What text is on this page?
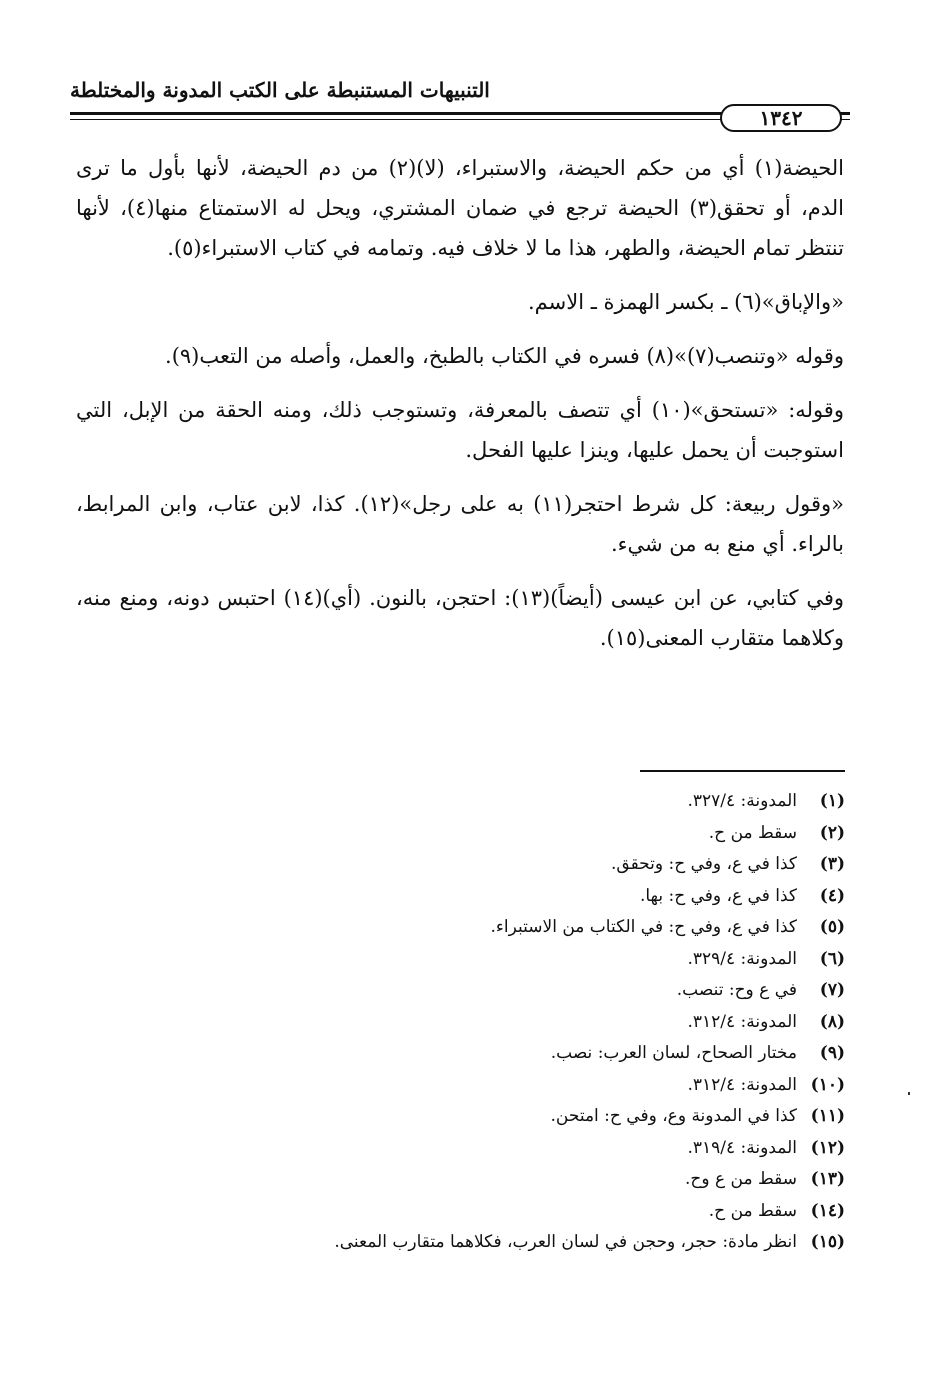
التنبيهات المستنبطة على الكتب المدونة والمختلطة
١٣٤٢

الحيضة(١) أي من حكم الحيضة، والاستبراء، (لا)(٢) من دم الحيضة، لأنها بأول ما ترى الدم، أو تحقق(٣) الحيضة ترجع في ضمان المشتري، ويحل له الاستمتاع منها(٤)، لأنها تنتظر تمام الحيضة، والطهر، هذا ما لا خلاف فيه. وتمامه في كتاب الاستبراء(٥).

«والإباق»(٦) ـ بكسر الهمزة ـ الاسم.

وقوله «وتنصب(٧)»(٨) فسره في الكتاب بالطبخ، والعمل، وأصله من التعب(٩).

وقوله: «تستحق»(١٠) أي تتصف بالمعرفة، وتستوجب ذلك، ومنه الحقة من الإبل، التي استوجبت أن يحمل عليها، وينزا عليها الفحل.

«وقول ربيعة: كل شرط احتجر(١١) به على رجل»(١٢). كذا، لابن عتاب، وابن المرابط، بالراء. أي منع به من شيء.

وفي كتابي، عن ابن عيسى (أيضاً)(١٣): احتجن، بالنون. (أي)(١٤) احتبس دونه، ومنع منه، وكلاهما متقارب المعنى(١٥).

(١)
المدونة: ٣٢٧/٤.
(٢)
سقط من ح.
(٣)
كذا في ع، وفي ح: وتحقق.
(٤)
كذا في ع، وفي ح: بها.
(٥)
كذا في ع، وفي ح: في الكتاب من الاستبراء.
(٦)
المدونة: ٣٢٩/٤.
(٧)
في ع وح: تنصب.
(٨)
المدونة: ٣١٢/٤.
(٩)
مختار الصحاح، لسان العرب: نصب.
(١٠)
المدونة: ٣١٢/٤.
(١١)
كذا في المدونة وع، وفي ح: امتحن.
(١٢)
المدونة: ٣١٩/٤.
(١٣)
سقط من ع وح.
(١٤)
سقط من ح.
(١٥)
انظر مادة: حجر، وحجن في لسان العرب، فكلاهما متقارب المعنى.
